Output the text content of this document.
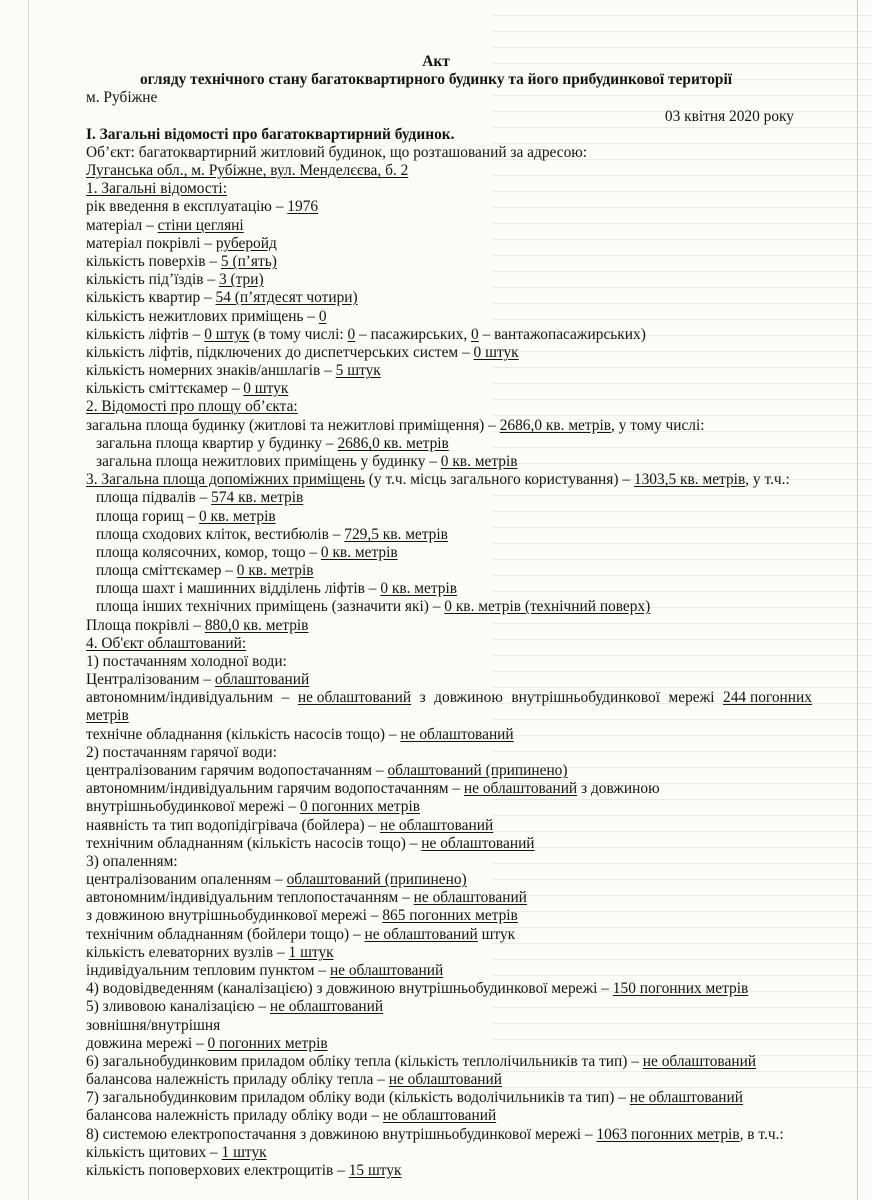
Акт
огляду технічного стану багатоквартирного будинку та його прибудинкової території
м. Рубіжне
03 квітня 2020 року
I. Загальні відомості про багатоквартирний будинок.
Об’єкт: багатоквартирний житловий будинок, що розташований за адресою:
Луганська обл., м. Рубіжне, вул. Менделєєва, б. 2
1. Загальні відомості:
рік введення в експлуатацію – 1976
матеріал – стіни цегляні
матеріал покрівлі – руберойд
кількість поверхів – 5 (п’ять)
кількість під’їздів – 3 (три)
кількість квартир – 54 (п’ятдесят чотири)
кількість нежитлових приміщень – 0
кількість ліфтів – 0 штук (в тому числі: 0 – пасажирських, 0 – вантажопасажирських)
кількість ліфтів, підключених до диспетчерських систем – 0 штук
кількість номерних знаків/аншлагів – 5 штук
кількість сміттєкамер – 0 штук
2. Відомості про площу об’єкта:
загальна площа будинку (житлові та нежитлові приміщення) – 2686,0 кв. метрів, у тому числі:
загальна площа квартир у будинку – 2686,0 кв. метрів
загальна площа нежитлових приміщень у будинку – 0 кв. метрів
3. Загальна площа допоміжних приміщень (у т.ч. місць загального користування) – 1303,5 кв. метрів, у т.ч.:
площа підвалів – 574 кв. метрів
площа горищ – 0 кв. метрів
площа сходових кліток, вестибюлів – 729,5 кв. метрів
площа колясочних, комор, тощо – 0 кв. метрів
площа сміттєкамер – 0 кв. метрів
площа шахт і машинних відділень ліфтів – 0 кв. метрів
площа інших технічних приміщень (зазначити які) – 0 кв. метрів (технічний поверх)
Площа покрівлі – 880,0 кв. метрів
4. Об'єкт облаштований:
1) постачанням холодної води:
Централізованим – облаштований
автономним/індивідуальним – не облаштований з довжиною внутрішньобудинкової мережі 244 погонних
метрів
технічне обладнання (кількість насосів тощо) – не облаштований
2) постачанням гарячої води:
централізованим гарячим водопостачанням – облаштований (припинено)
автономним/індивідуальним гарячим водопостачанням – не облаштований з довжиною
внутрішньобудинкової мережі – 0 погонних метрів
наявність та тип водопідігрівача (бойлера) – не облаштований
технічним обладнанням (кількість насосів тощо) – не облаштований
3) опаленням:
централізованим опаленням – облаштований (припинено)
автономним/індивідуальним теплопостачанням – не облаштований
з довжиною внутрішньобудинкової мережі – 865 погонних метрів
технічним обладнанням (бойлери тощо) – не облаштований штук
кількість елеваторних вузлів – 1 штук
індивідуальним тепловим пунктом – не облаштований
4) водовідведенням (каналізацією) з довжиною внутрішньобудинкової мережі – 150 погонних метрів
5) зливовою каналізацією – не облаштований
зовнішня/внутрішня
довжина мережі – 0 погонних метрів
6) загальнобудинковим приладом обліку тепла (кількість теплолічильників та тип) – не облаштований
балансова належність приладу обліку тепла – не облаштований
7) загальнобудинковим приладом обліку води (кількість водолічильників та тип) – не облаштований
балансова належність приладу обліку води – не облаштований
8) системою електропостачання з довжиною внутрішньобудинкової мережі – 1063 погонних метрів, в т.ч.:
кількість щитових – 1 штук
кількість поповерхових електрощитів – 15 штук
